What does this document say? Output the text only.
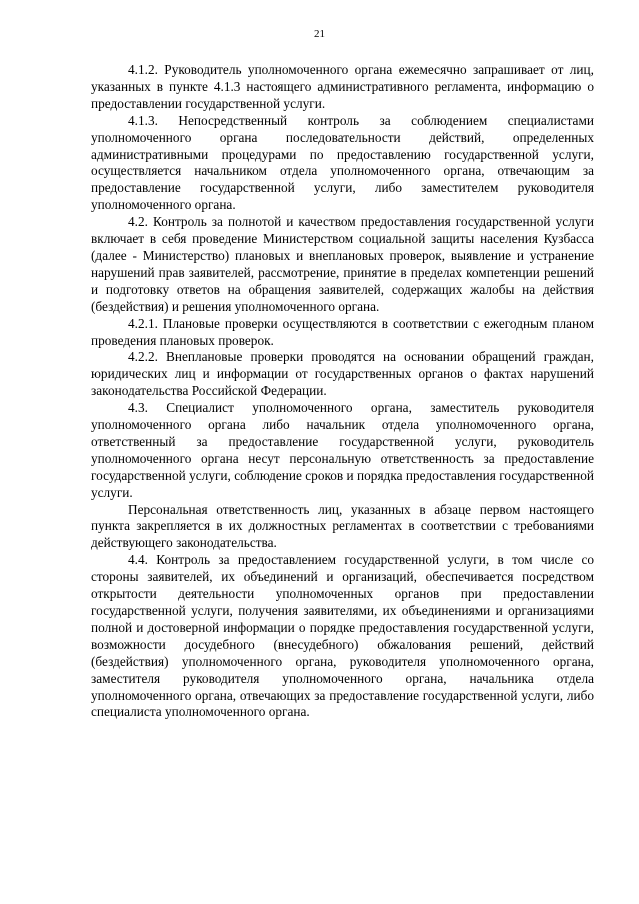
21

4.1.2. Руководитель уполномоченного органа ежемесячно запрашивает от лиц, указанных в пункте 4.1.3 настоящего административного регламента, информацию о предоставлении государственной услуги.

4.1.3. Непосредственный контроль за соблюдением специалистами уполномоченного органа последовательности действий, определенных административными процедурами по предоставлению государственной услуги, осуществляется начальником отдела уполномоченного органа, отвечающим за предоставление государственной услуги, либо заместителем руководителя уполномоченного органа.

4.2. Контроль за полнотой и качеством предоставления государственной услуги включает в себя проведение Министерством социальной защиты населения Кузбасса (далее - Министерство) плановых и внеплановых проверок, выявление и устранение нарушений прав заявителей, рассмотрение, принятие в пределах компетенции решений и подготовку ответов на обращения заявителей, содержащих жалобы на действия (бездействия) и решения уполномоченного органа.

4.2.1. Плановые проверки осуществляются в соответствии с ежегодным планом проведения плановых проверок.

4.2.2. Внеплановые проверки проводятся на основании обращений граждан, юридических лиц и информации от государственных органов о фактах нарушений законодательства Российской Федерации.

4.3. Специалист уполномоченного органа, заместитель руководителя уполномоченного органа либо начальник отдела уполномоченного органа, ответственный за предоставление государственной услуги, руководитель уполномоченного органа несут персональную ответственность за предоставление государственной услуги, соблюдение сроков и порядка предоставления государственной услуги.

Персональная ответственность лиц, указанных в абзаце первом настоящего пункта закрепляется в их должностных регламентах в соответствии с требованиями действующего законодательства.

4.4. Контроль за предоставлением государственной услуги, в том числе со стороны заявителей, их объединений и организаций, обеспечивается посредством открытости деятельности уполномоченных органов при предоставлении государственной услуги, получения заявителями, их объединениями и организациями полной и достоверной информации о порядке предоставления государственной услуги, возможности досудебного (внесудебного) обжалования решений, действий (бездействия) уполномоченного органа, руководителя уполномоченного органа, заместителя руководителя уполномоченного органа, начальника отдела уполномоченного органа, отвечающих за предоставление государственной услуги, либо специалиста уполномоченного органа.
